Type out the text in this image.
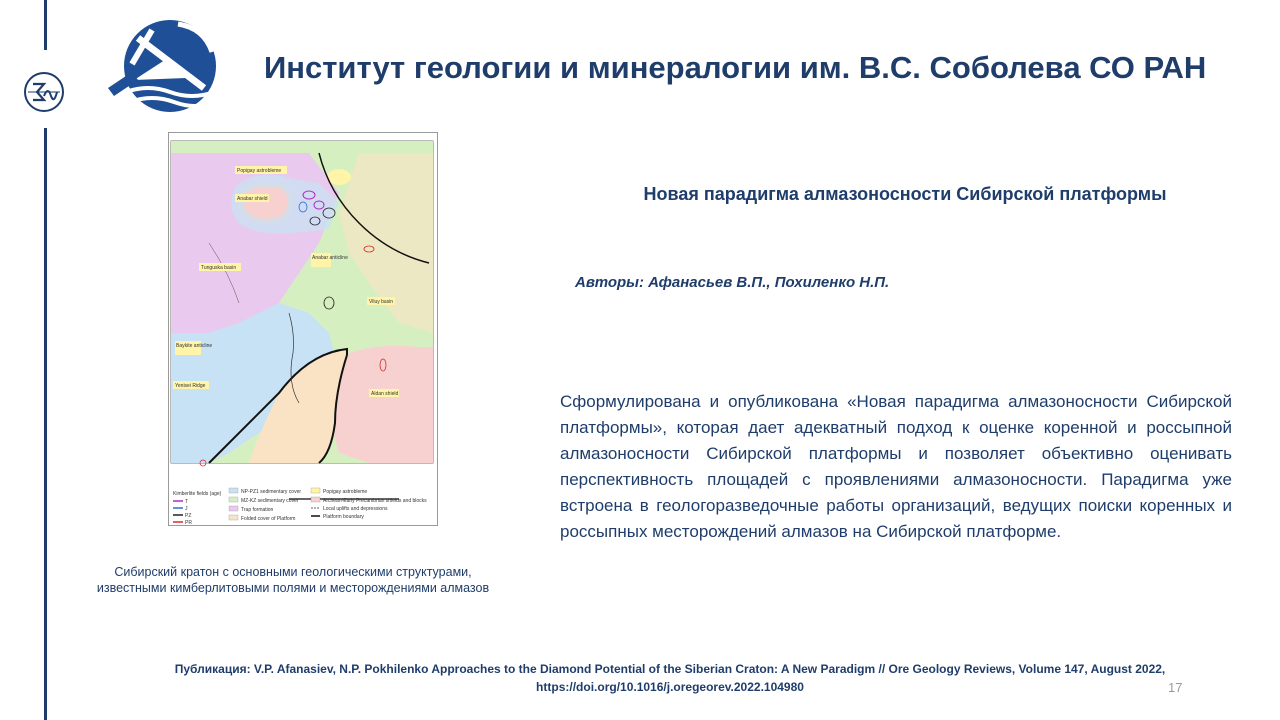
Институт геологии и минералогии им. В.С. Соболева СО РАН
Popigay astrobleme
Anabar shield
Anabar anticline
Tunguska basin
Viluy basin
Baykite anticline
Yenisei Ridge
Aldan shield
Kimberlite fields (age)
T
J
PZ
PR
NP-PZ1 sedimentary cover
MZ-KZ sedimentary cover
Trap formation
Folded cover of Platform
Popigay astrobleme
Archean-Early Precambrian shields and blocks
Local uplifts and depressions
Platform boundary
Сибирский кратон с основными геологическими структурами, известными кимберлитовыми полями и месторождениями алмазов
Новая парадигма алмазоносности Сибирской платформы
Авторы: Афанасьев В.П., Похиленко Н.П.
Сформулирована и опубликована «Новая парадигма алмазоносности Сибирской платформы», которая дает адекватный подход к оценке коренной и россыпной алмазоносности Сибирской платформы и позволяет объективно оценивать перспективность площадей с проявлениями алмазоносности. Парадигма уже встроена в геологоразведочные работы организаций, ведущих поиски коренных и россыпных месторождений алмазов на Сибирской платформе.
Публикация: V.P. Afanasiev, N.P. Pokhilenko Approaches to the Diamond Potential of the Siberian Craton: A New Paradigm // Ore Geology Reviews, Volume 147, August 2022,
https://doi.org/10.1016/j.oregeorev.2022.104980	17
